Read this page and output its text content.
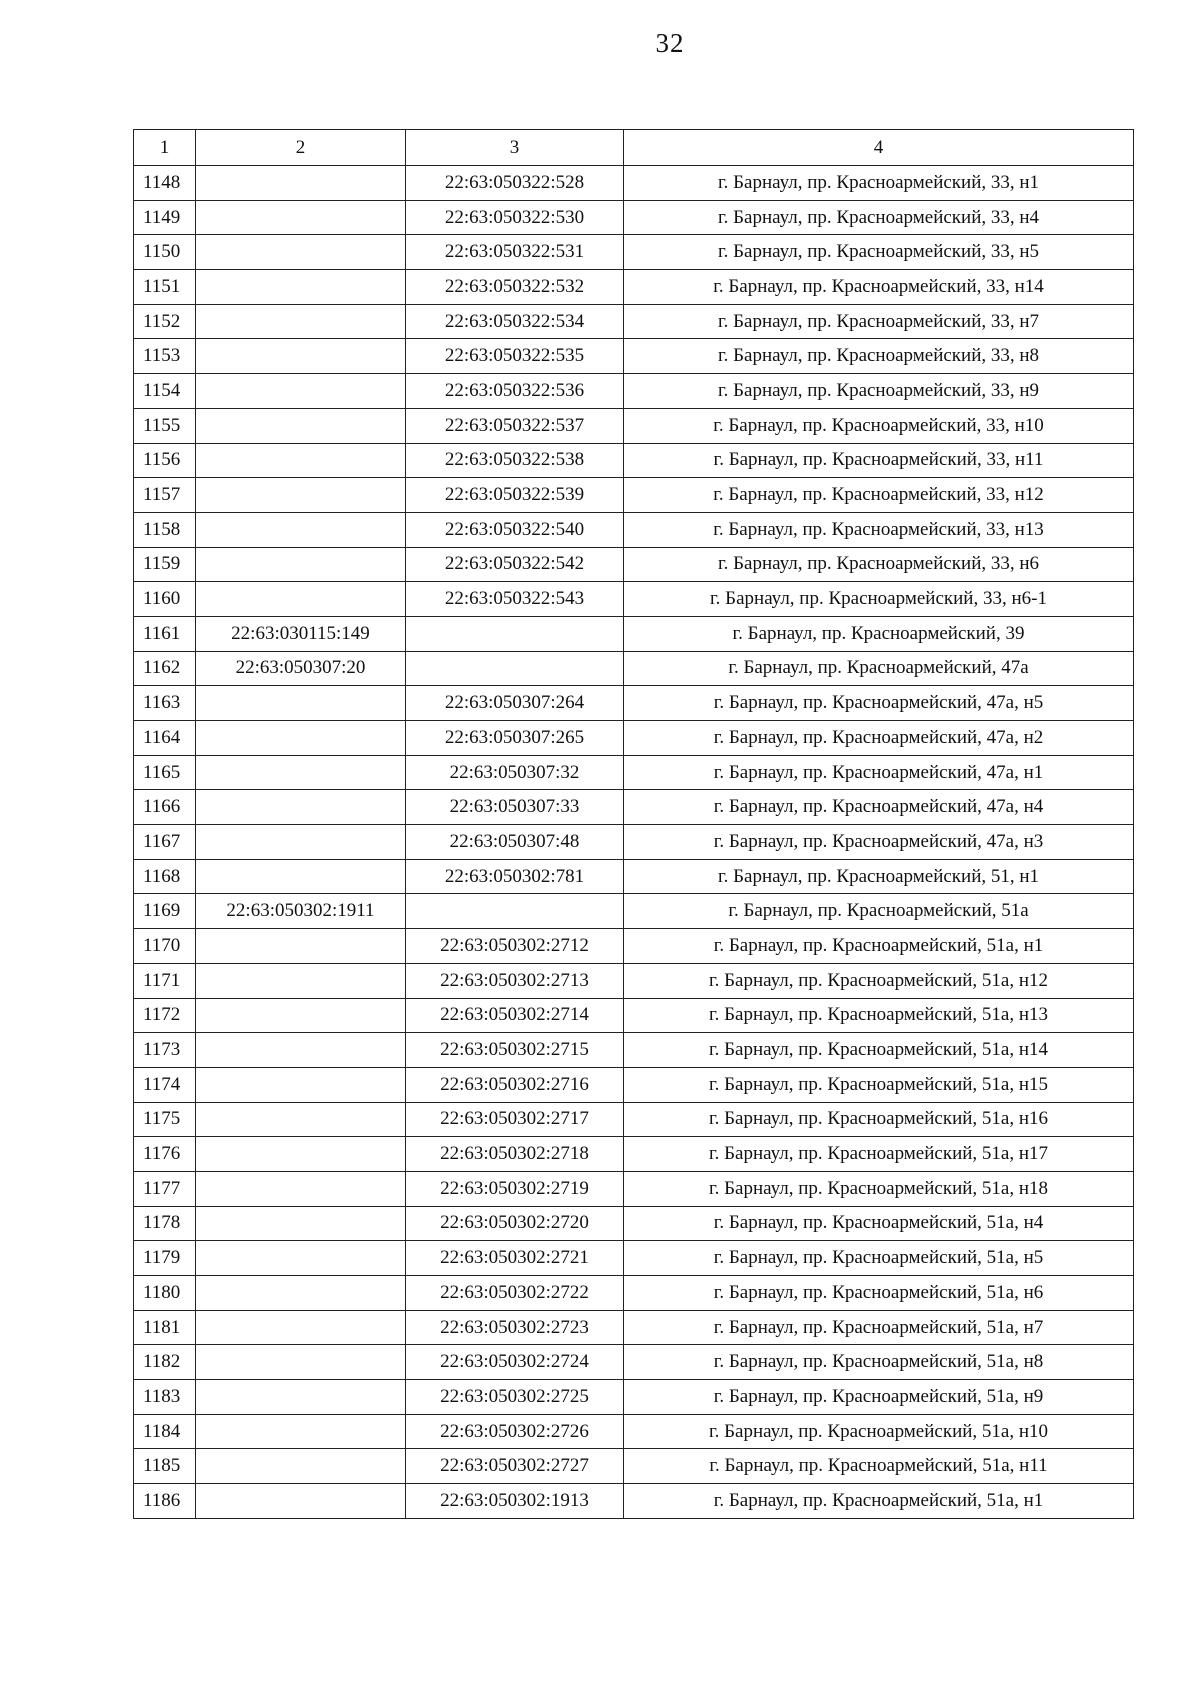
32
1	2	3	4
1148		22:63:050322:528	г. Барнаул, пр. Красноармейский, 33, н1
1149		22:63:050322:530	г. Барнаул, пр. Красноармейский, 33, н4
1150		22:63:050322:531	г. Барнаул, пр. Красноармейский, 33, н5
1151		22:63:050322:532	г. Барнаул, пр. Красноармейский, 33, н14
1152		22:63:050322:534	г. Барнаул, пр. Красноармейский, 33, н7
1153		22:63:050322:535	г. Барнаул, пр. Красноармейский, 33, н8
1154		22:63:050322:536	г. Барнаул, пр. Красноармейский, 33, н9
1155		22:63:050322:537	г. Барнаул, пр. Красноармейский, 33, н10
1156		22:63:050322:538	г. Барнаул, пр. Красноармейский, 33, н11
1157		22:63:050322:539	г. Барнаул, пр. Красноармейский, 33, н12
1158		22:63:050322:540	г. Барнаул, пр. Красноармейский, 33, н13
1159		22:63:050322:542	г. Барнаул, пр. Красноармейский, 33, н6
1160		22:63:050322:543	г. Барнаул, пр. Красноармейский, 33, н6-1
1161	22:63:030115:149		г. Барнаул, пр. Красноармейский, 39
1162	22:63:050307:20		г. Барнаул, пр. Красноармейский, 47а
1163		22:63:050307:264	г. Барнаул, пр. Красноармейский, 47а, н5
1164		22:63:050307:265	г. Барнаул, пр. Красноармейский, 47а, н2
1165		22:63:050307:32	г. Барнаул, пр. Красноармейский, 47а, н1
1166		22:63:050307:33	г. Барнаул, пр. Красноармейский, 47а, н4
1167		22:63:050307:48	г. Барнаул, пр. Красноармейский, 47а, н3
1168		22:63:050302:781	г. Барнаул, пр. Красноармейский, 51, н1
1169	22:63:050302:1911		г. Барнаул, пр. Красноармейский, 51а
1170		22:63:050302:2712	г. Барнаул, пр. Красноармейский, 51а, н1
1171		22:63:050302:2713	г. Барнаул, пр. Красноармейский, 51а, н12
1172		22:63:050302:2714	г. Барнаул, пр. Красноармейский, 51а, н13
1173		22:63:050302:2715	г. Барнаул, пр. Красноармейский, 51а, н14
1174		22:63:050302:2716	г. Барнаул, пр. Красноармейский, 51а, н15
1175		22:63:050302:2717	г. Барнаул, пр. Красноармейский, 51а, н16
1176		22:63:050302:2718	г. Барнаул, пр. Красноармейский, 51а, н17
1177		22:63:050302:2719	г. Барнаул, пр. Красноармейский, 51а, н18
1178		22:63:050302:2720	г. Барнаул, пр. Красноармейский, 51а, н4
1179		22:63:050302:2721	г. Барнаул, пр. Красноармейский, 51а, н5
1180		22:63:050302:2722	г. Барнаул, пр. Красноармейский, 51а, н6
1181		22:63:050302:2723	г. Барнаул, пр. Красноармейский, 51а, н7
1182		22:63:050302:2724	г. Барнаул, пр. Красноармейский, 51а, н8
1183		22:63:050302:2725	г. Барнаул, пр. Красноармейский, 51а, н9
1184		22:63:050302:2726	г. Барнаул, пр. Красноармейский, 51а, н10
1185		22:63:050302:2727	г. Барнаул, пр. Красноармейский, 51а, н11
1186		22:63:050302:1913	г. Барнаул, пр. Красноармейский, 51а, н1
